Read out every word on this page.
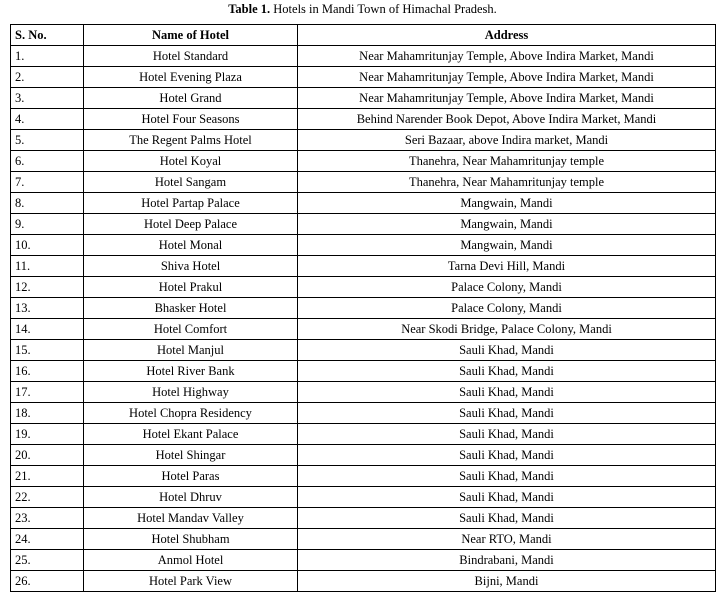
Table 1. Hotels in Mandi Town of Himachal Pradesh.
S. No.	Name of Hotel	Address
1.	Hotel Standard	Near Mahamritunjay Temple, Above Indira Market, Mandi
2.	Hotel Evening Plaza	Near Mahamritunjay Temple, Above Indira Market, Mandi
3.	Hotel Grand	Near Mahamritunjay Temple, Above Indira Market, Mandi
4.	Hotel Four Seasons	Behind Narender Book Depot, Above Indira Market, Mandi
5.	The Regent Palms Hotel	Seri Bazaar, above Indira market, Mandi
6.	Hotel Koyal	Thanehra, Near Mahamritunjay temple
7.	Hotel Sangam	Thanehra, Near Mahamritunjay temple
8.	Hotel Partap Palace	Mangwain, Mandi
9.	Hotel Deep Palace	Mangwain, Mandi
10.	Hotel Monal	Mangwain, Mandi
11.	Shiva Hotel	Tarna Devi Hill, Mandi
12.	Hotel Prakul	Palace Colony, Mandi
13.	Bhasker Hotel	Palace Colony, Mandi
14.	Hotel Comfort	Near Skodi Bridge, Palace Colony, Mandi
15.	Hotel Manjul	Sauli Khad, Mandi
16.	Hotel River Bank	Sauli Khad, Mandi
17.	Hotel Highway	Sauli Khad, Mandi
18.	Hotel Chopra Residency	Sauli Khad, Mandi
19.	Hotel Ekant Palace	Sauli Khad, Mandi
20.	Hotel Shingar	Sauli Khad, Mandi
21.	Hotel Paras	Sauli Khad, Mandi
22.	Hotel Dhruv	Sauli Khad, Mandi
23.	Hotel Mandav Valley	Sauli Khad, Mandi
24.	Hotel Shubham	Near RTO, Mandi
25.	Anmol Hotel	Bindrabani, Mandi
26.	Hotel Park View	Bijni, Mandi
